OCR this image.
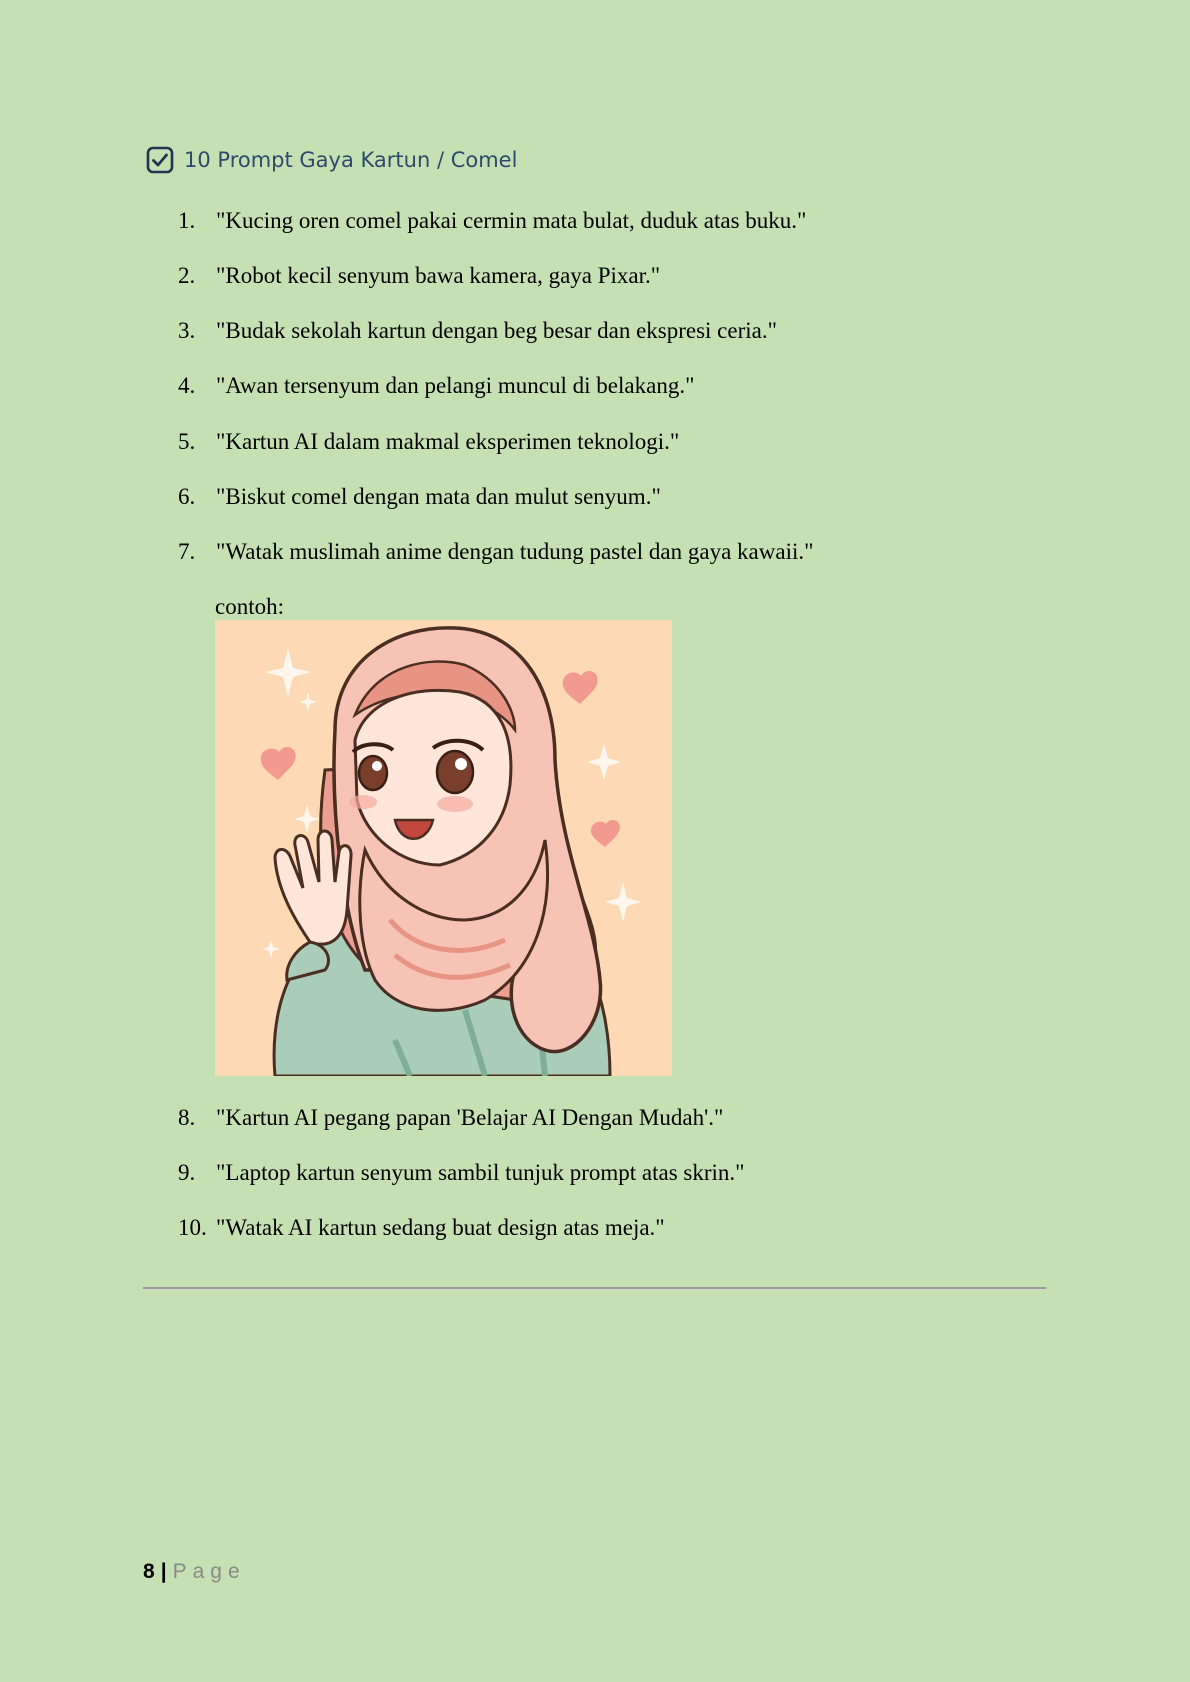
10 Prompt Gaya Kartun / Comel
1. "Kucing oren comel pakai cermin mata bulat, duduk atas buku."
2. "Robot kecil senyum bawa kamera, gaya Pixar."
3. "Budak sekolah kartun dengan beg besar dan ekspresi ceria."
4. "Awan tersenyum dan pelangi muncul di belakang."
5. "Kartun AI dalam makmal eksperimen teknologi."
6. "Biskut comel dengan mata dan mulut senyum."
7. "Watak muslimah anime dengan tudung pastel dan gaya kawaii."
contoh:
8. "Kartun AI pegang papan 'Belajar AI Dengan Mudah'."
9. "Laptop kartun senyum sambil tunjuk prompt atas skrin."
10. "Watak AI kartun sedang buat design atas meja."
8 | Page
